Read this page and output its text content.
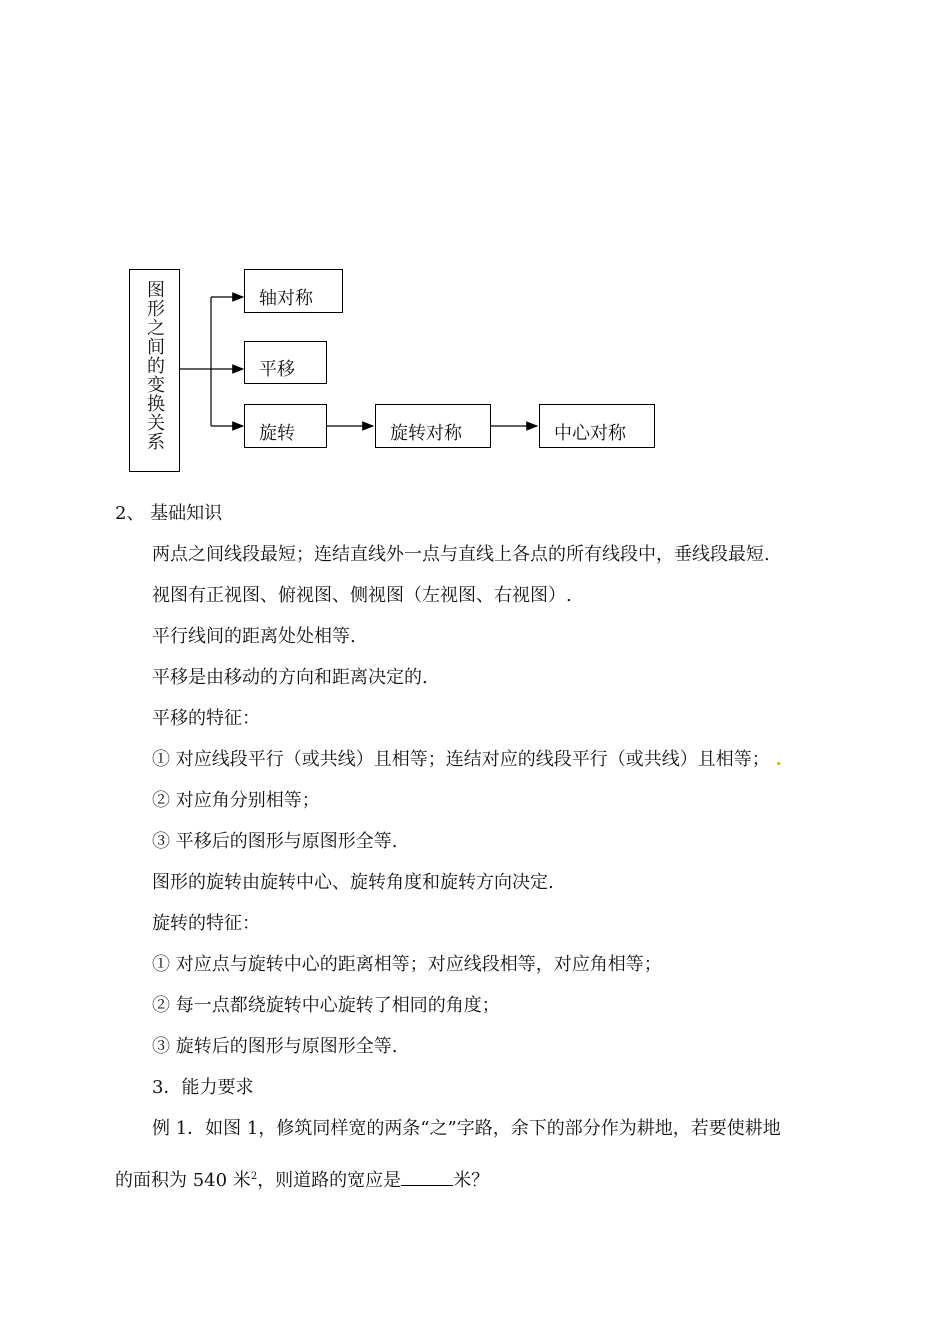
图形之间的变换关系	轴对称
平移
旋转	旋转对称	中心对称
2、 基础知识
两点之间线段最短；连结直线外一点与直线上各点的所有线段中，垂线段最短.
视图有正视图、俯视图、侧视图（左视图、右视图）.
平行线间的距离处处相等.
平移是由移动的方向和距离决定的.
平移的特征：
① 对应线段平行（或共线）且相等；连结对应的线段平行（或共线）且相等； .
② 对应角分别相等；
③ 平移后的图形与原图形全等.
图形的旋转由旋转中心、旋转角度和旋转方向决定.
旋转的特征：
① 对应点与旋转中心的距离相等；对应线段相等，对应角相等；
② 每一点都绕旋转中心旋转了相同的角度；
③ 旋转后的图形与原图形全等.
3．能力要求
例 1．如图 1，修筑同样宽的两条“之”字路，余下的部分作为耕地，若要使耕地
的面积为 540 米$^2$，则道路的宽应是	米？
